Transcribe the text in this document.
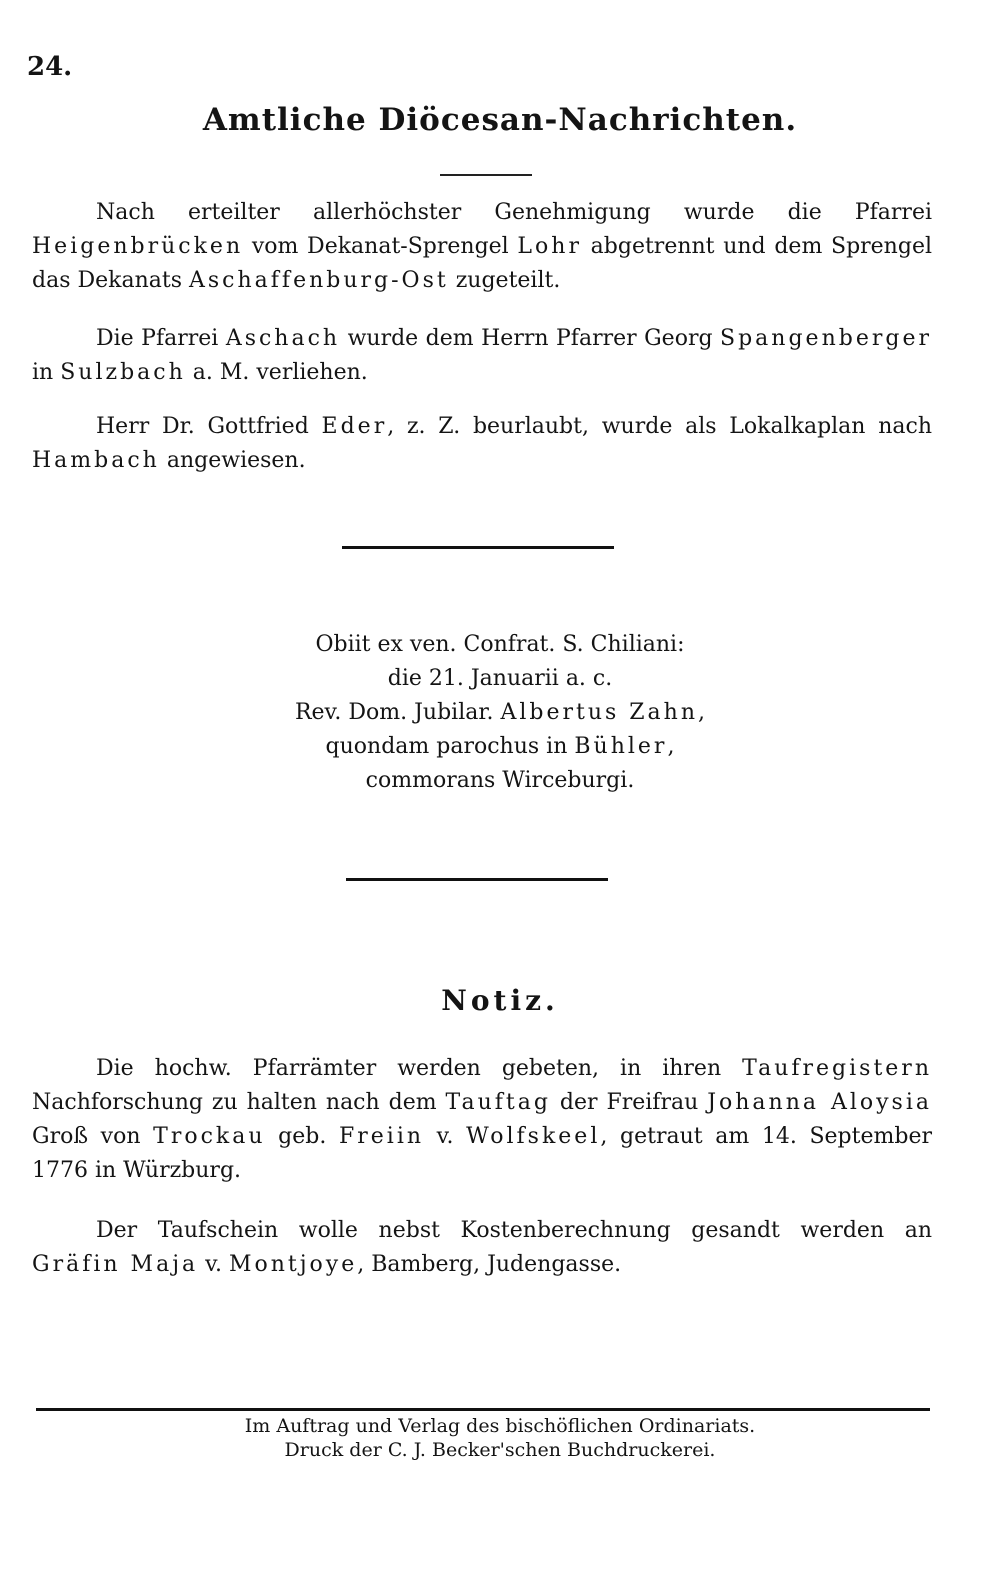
24.
Amtliche Diöcesan-Nachrichten.

Nach erteilter allerhöchster Genehmigung wurde die Pfarrei Heigenbrücken vom Dekanat-Sprengel Lohr abgetrennt und dem Sprengel das Dekanats Aschaffenburg-Ost zugeteilt.

Die Pfarrei Aschach wurde dem Herrn Pfarrer Georg Spangenberger in Sulzbach a. M. verliehen.

Herr Dr. Gottfried Eder, z. Z. beurlaubt, wurde als Lokalkaplan nach Hambach angewiesen.

Obiit ex ven. Confrat. S. Chiliani:
die 21. Januarii a. c.
Rev. Dom. Jubilar. Albertus Zahn,
quondam parochus in Bühler,
commorans Wirceburgi.
Notiz.

Die hochw. Pfarrämter werden gebeten, in ihren Taufregistern Nachforschung zu halten nach dem Tauftag der Freifrau Johanna Aloysia Groß von Trockau geb. Freiin v. Wolfskeel, getraut am 14. September 1776 in Würzburg.

Der Taufschein wolle nebst Kostenberechnung gesandt werden an Gräfin Maja v. Montjoye, Bamberg, Judengasse.

Im Auftrag und Verlag des bischöflichen Ordinariats.
Druck der C. J. Becker'schen Buchdruckerei.
